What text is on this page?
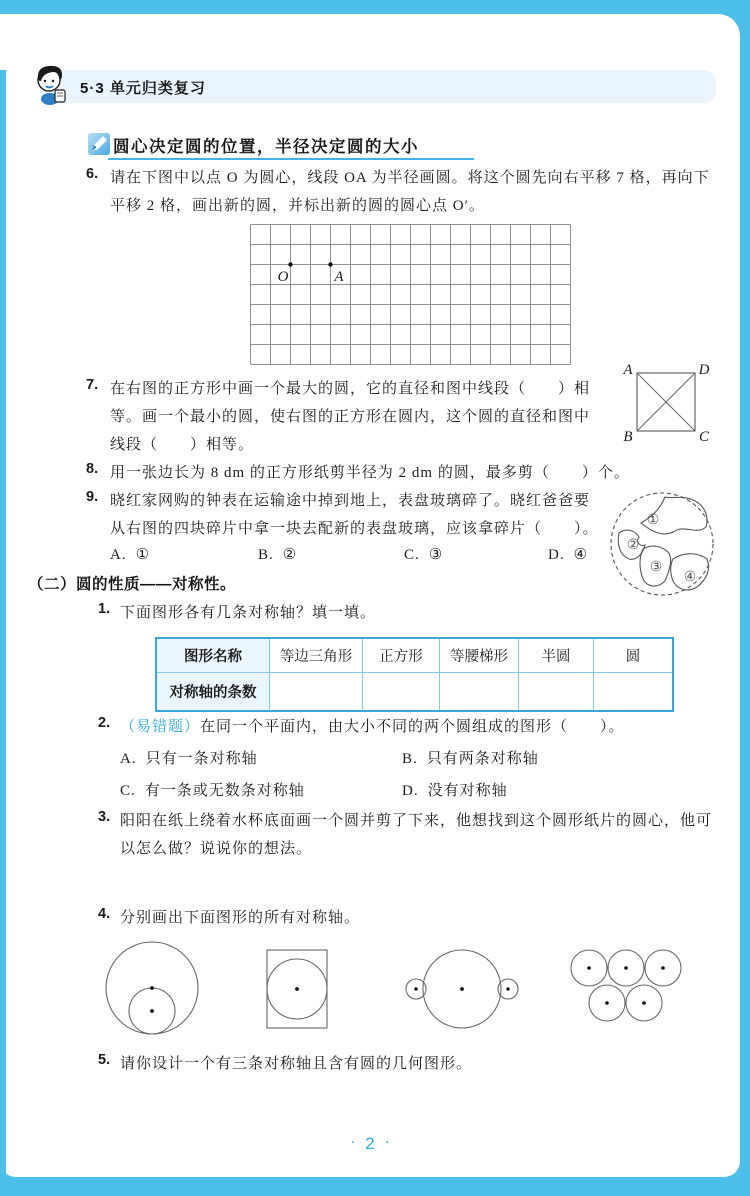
5·3 单元归类复习
圆心决定圆的位置，半径决定圆的大小
6. 请在下图中以点 O 为圆心，线段 OA 为半径画圆。将这个圆先向右平移 7 格，再向下
平移 2 格，画出新的圆，并标出新的圆的圆心点 O′。
O	A
7. 在右图的正方形中画一个最大的圆，它的直径和图中线段（　　）相
等。画一个最小的圆，使右图的正方形在圆内，这个圆的直径和图中
线段（　　）相等。
A	D
B	C
8. 用一张边长为 8 dm 的正方形纸剪半径为 2 dm 的圆，最多剪（　　）个。
9. 晓红家网购的钟表在运输途中掉到地上，表盘玻璃碎了。晓红爸爸要
从右图的四块碎片中拿一块去配新的表盘玻璃，应该拿碎片（　　）。
A. ①	B. ②	C. ③	D. ④
①
②
③
④
（二）圆的性质——对称性。
1. 下面图形各有几条对称轴？填一填。
图形名称	等边三角形	正方形	等腰梯形	半圆	圆
对称轴的条数					
2. （易错题）在同一个平面内，由大小不同的两个圆组成的图形（　　）。
A. 只有一条对称轴	B. 只有两条对称轴
C. 有一条或无数条对称轴	D. 没有对称轴
3. 阳阳在纸上绕着水杯底面画一个圆并剪了下来，他想找到这个圆形纸片的圆心，他可
以怎么做？说说你的想法。
4. 分别画出下面图形的所有对称轴。
5. 请你设计一个有三条对称轴且含有圆的几何图形。
· 2 ·
